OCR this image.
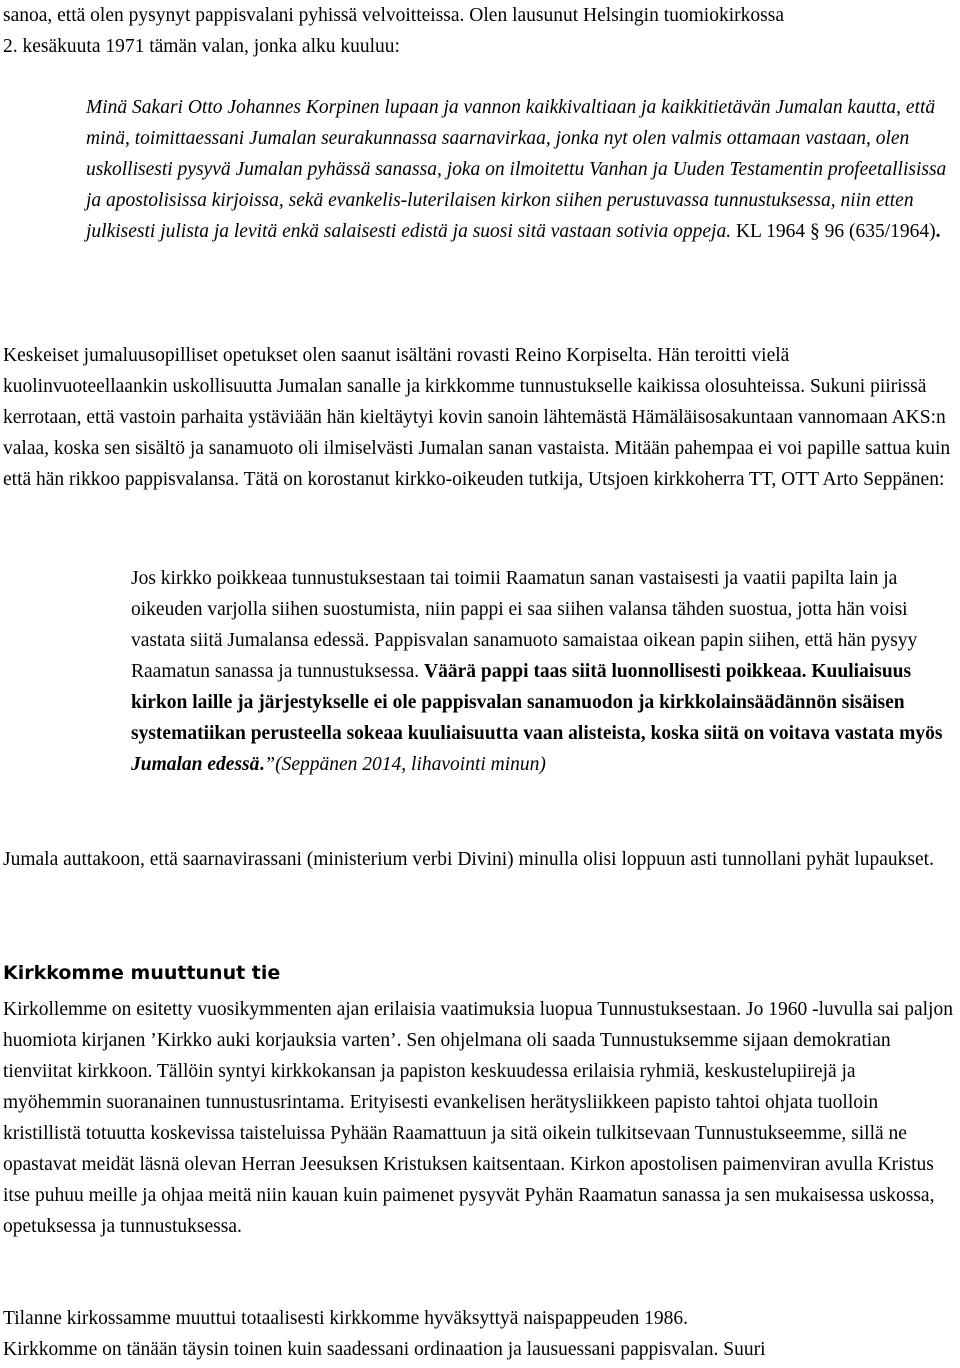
sanoa, että olen pysynyt pappisvalani pyhissä velvoitteissa. Olen lausunut Helsingin tuomiokirkossa
2. kesäkuuta 1971 tämän valan, jonka alku kuuluu:

Minä Sakari Otto Johannes Korpinen lupaan ja vannon kaikkivaltiaan ja kaikkitietävän Jumalan kautta, että minä, toimittaessani Jumalan seurakunnassa saarnavirkaa, jonka nyt olen valmis ottamaan vastaan, olen uskollisesti pysyvä Jumalan pyhässä sanassa, joka on ilmoitettu Vanhan ja Uuden Testamentin profeetallisissa ja apostolisissa kirjoissa, sekä evankelis-luterilaisen kirkon siihen perustuvassa tunnustuksessa, niin etten julkisesti julista ja levitä enkä salaisesti edistä ja suosi sitä vastaan sotivia oppeja. KL 1964 § 96 (635/1964).

Keskeiset jumaluusopilliset opetukset olen saanut isältäni rovasti Reino Korpiselta. Hän teroitti vielä kuolinvuoteellaankin uskollisuutta Jumalan sanalle ja kirkkomme tunnustukselle kaikissa olosuhteissa. Sukuni piirissä kerrotaan, että vastoin parhaita ystäviään hän kieltäytyi kovin sanoin lähtemästä Hämäläisosakuntaan vannomaan AKS:n valaa, koska sen sisältö ja sanamuoto oli ilmiselvästi Jumalan sanan vastaista. Mitään pahempaa ei voi papille sattua kuin että hän rikkoo pappisvalansa. Tätä on korostanut kirkko-oikeuden tutkija, Utsjoen kirkkoherra TT, OTT Arto Seppänen:

Jos kirkko poikkeaa tunnustuksestaan tai toimii Raamatun sanan vastaisesti ja vaatii papilta lain ja oikeuden varjolla siihen suostumista, niin pappi ei saa siihen valansa tähden suostua, jotta hän voisi vastata siitä Jumalansa edessä. Pappisvalan sanamuoto samaistaa oikean papin siihen, että hän pysyy Raamatun sanassa ja tunnustuksessa. Väärä pappi taas siitä luonnollisesti poikkeaa. Kuuliaisuus kirkon laille ja järjestykselle ei ole pappisvalan sanamuodon ja kirkkolainsäädännön sisäisen systematiikan perusteella sokeaa kuuliaisuutta vaan alisteista, koska siitä on voitava vastata myös Jumalan edessä.”(Seppänen 2014, lihavointi minun)

Jumala auttakoon, että saarnavirassani (ministerium verbi Divini) minulla olisi loppuun asti tunnollani pyhät lupaukset.

Kirkkomme muuttunut tie

Kirkollemme on esitetty vuosikymmenten ajan erilaisia vaatimuksia luopua Tunnustuksestaan. Jo 1960 -luvulla sai paljon huomiota kirjanen ’Kirkko auki korjauksia varten’. Sen ohjelmana oli saada Tunnustuksemme sijaan demokratian tienviitat kirkkoon. Tällöin syntyi kirkkokansan ja papiston keskuudessa erilaisia ryhmiä, keskustelupiirejä ja myöhemmin suoranainen tunnustusrintama. Erityisesti evankelisen herätysliikkeen papisto tahtoi ohjata tuolloin kristillistä totuutta koskevissa taisteluissa Pyhään Raamattuun ja sitä oikein tulkitsevaan Tunnustukseemme, sillä ne opastavat meidät läsnä olevan Herran Jeesuksen Kristuksen kaitsentaan. Kirkon apostolisen paimenviran avulla Kristus itse puhuu meille ja ohjaa meitä niin kauan kuin paimenet pysyvät Pyhän Raamatun sanassa ja sen mukaisessa uskossa, opetuksessa ja tunnustuksessa.

Tilanne kirkossamme muuttui totaalisesti kirkkomme hyväksyttyä naispappeuden 1986.
Kirkkomme on tänään täysin toinen kuin saadessani ordinaation ja lausuessani pappisvalan. Suuri
